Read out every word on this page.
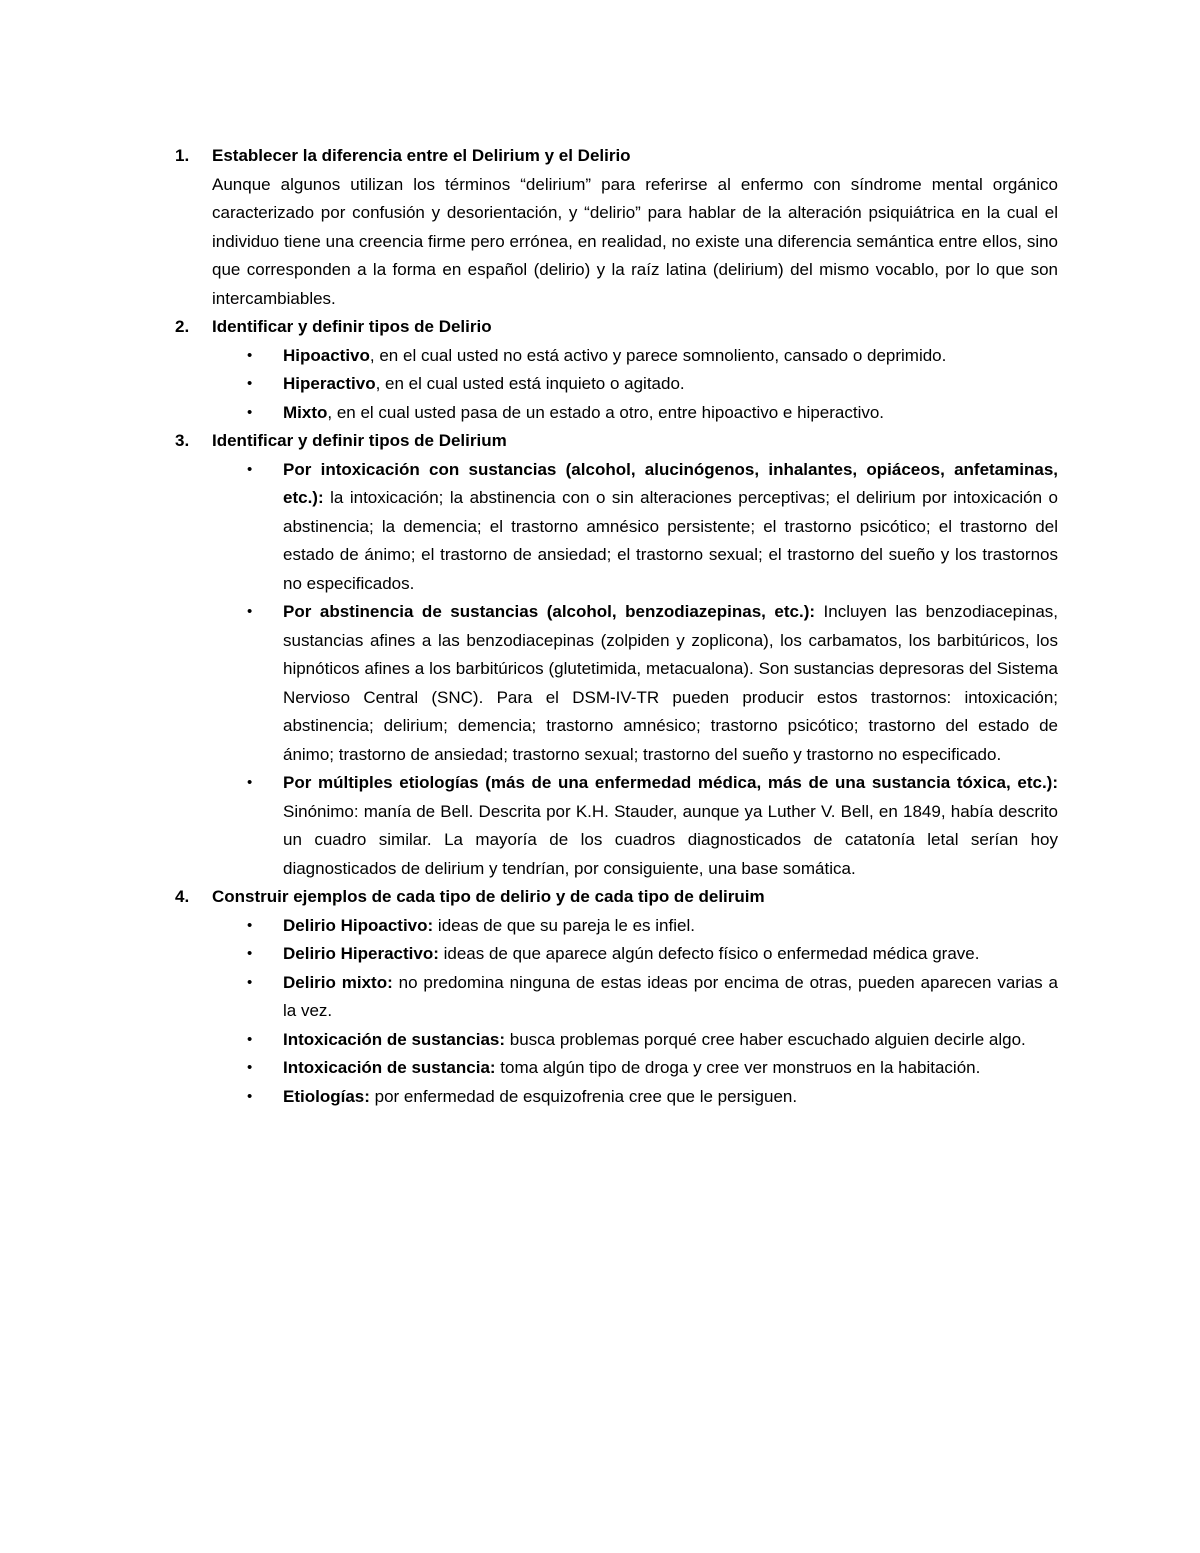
1. Establecer la diferencia entre el Delirium y el Delirio

Aunque algunos utilizan los términos “delirium” para referirse al enfermo con síndrome mental orgánico caracterizado por confusión y desorientación, y “delirio” para hablar de la alteración psiquiátrica en la cual el individuo tiene una creencia firme pero errónea, en realidad, no existe una diferencia semántica entre ellos, sino que corresponden a la forma en español (delirio) y la raíz latina (delirium) del mismo vocablo, por lo que son intercambiables.

2. Identificar y definir tipos de Delirio
• Hipoactivo, en el cual usted no está activo y parece somnoliento, cansado o deprimido.
• Hiperactivo, en el cual usted está inquieto o agitado.
• Mixto, en el cual usted pasa de un estado a otro, entre hipoactivo e hiperactivo.
3. Identificar y definir tipos de Delirium
• Por intoxicación con sustancias (alcohol, alucinógenos, inhalantes, opiáceos, anfetaminas, etc.): la intoxicación; la abstinencia con o sin alteraciones perceptivas; el delirium por intoxicación o abstinencia; la demencia; el trastorno amnésico persistente; el trastorno psicótico; el trastorno del estado de ánimo; el trastorno de ansiedad; el trastorno sexual; el trastorno del sueño y los trastornos no especificados.
• Por abstinencia de sustancias (alcohol, benzodiazepinas, etc.): Incluyen las benzodiacepinas, sustancias afines a las benzodiacepinas (zolpiden y zoplicona), los carbamatos, los barbitúricos, los hipnóticos afines a los barbitúricos (glutetimida, metacualona). Son sustancias depresoras del Sistema Nervioso Central (SNC). Para el DSM-IV-TR pueden producir estos trastornos: intoxicación; abstinencia; delirium; demencia; trastorno amnésico; trastorno psicótico; trastorno del estado de ánimo; trastorno de ansiedad; trastorno sexual; trastorno del sueño y trastorno no especificado.
• Por múltiples etiologías (más de una enfermedad médica, más de una sustancia tóxica, etc.): Sinónimo: manía de Bell. Descrita por K.H. Stauder, aunque ya Luther V. Bell, en 1849, había descrito un cuadro similar. La mayoría de los cuadros diagnosticados de catatonía letal serían hoy diagnosticados de delirium y tendrían, por consiguiente, una base somática.
4. Construir ejemplos de cada tipo de delirio y de cada tipo de deliruim
• Delirio Hipoactivo: ideas de que su pareja le es infiel.
• Delirio Hiperactivo: ideas de que aparece algún defecto físico o enfermedad médica grave.
• Delirio mixto: no predomina ninguna de estas ideas por encima de otras, pueden aparecen varias a la vez.
• Intoxicación de sustancias: busca problemas porqué cree haber escuchado alguien decirle algo.
• Intoxicación de sustancia: toma algún tipo de droga y cree ver monstruos en la habitación.
• Etiologías: por enfermedad de esquizofrenia cree que le persiguen.
